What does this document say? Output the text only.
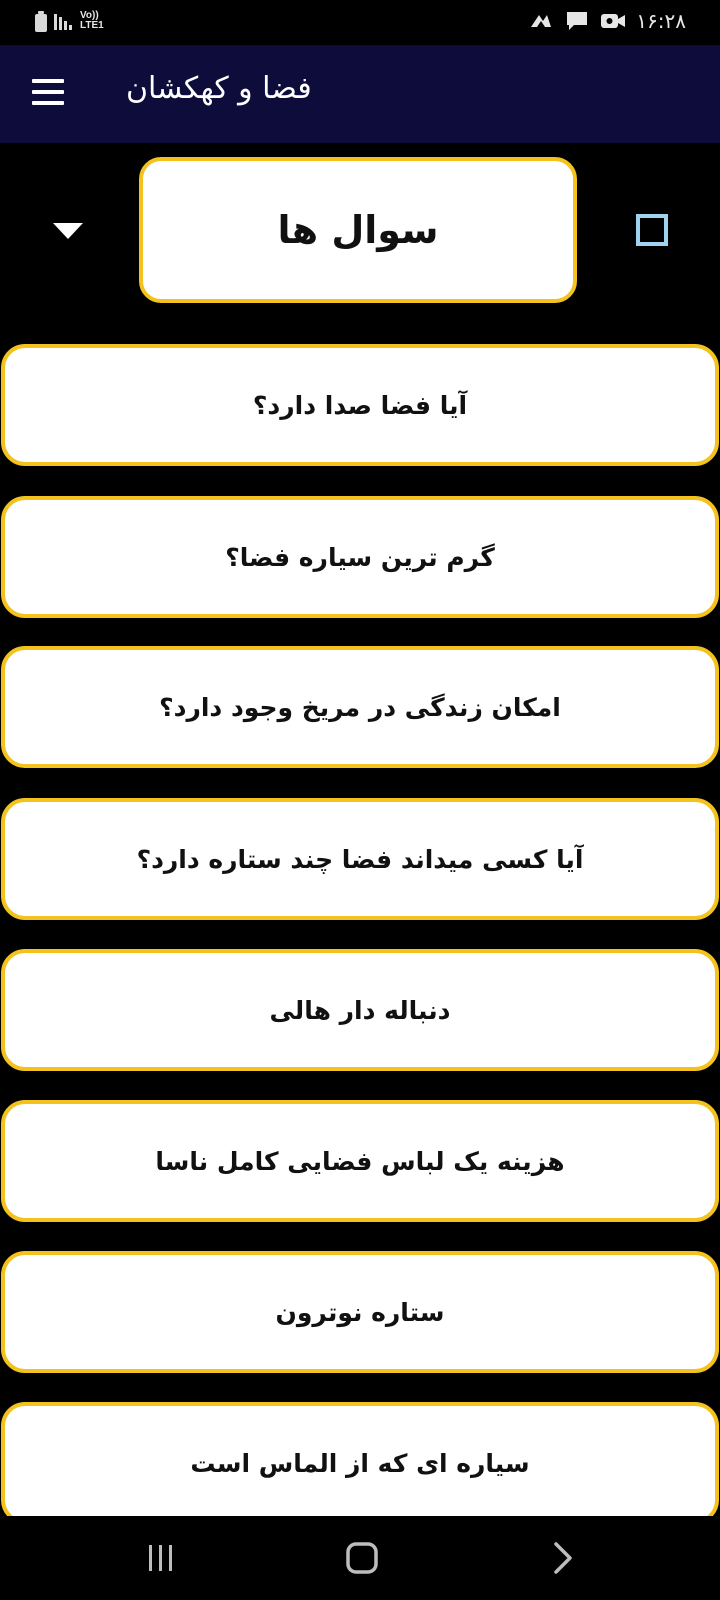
Vo))
LTE1	۱۶:۲۸
فضا و کهکشان
سوال ها
آیا فضا صدا دارد؟
گرم ترین سیاره فضا؟
امکان زندگی در مریخ وجود دارد؟
آیا کسی میداند فضا چند ستاره دارد؟
دنباله دار هالی
هزینه یک لباس فضایی کامل ناسا
ستاره نوترون
سیاره ای که از الماس است
